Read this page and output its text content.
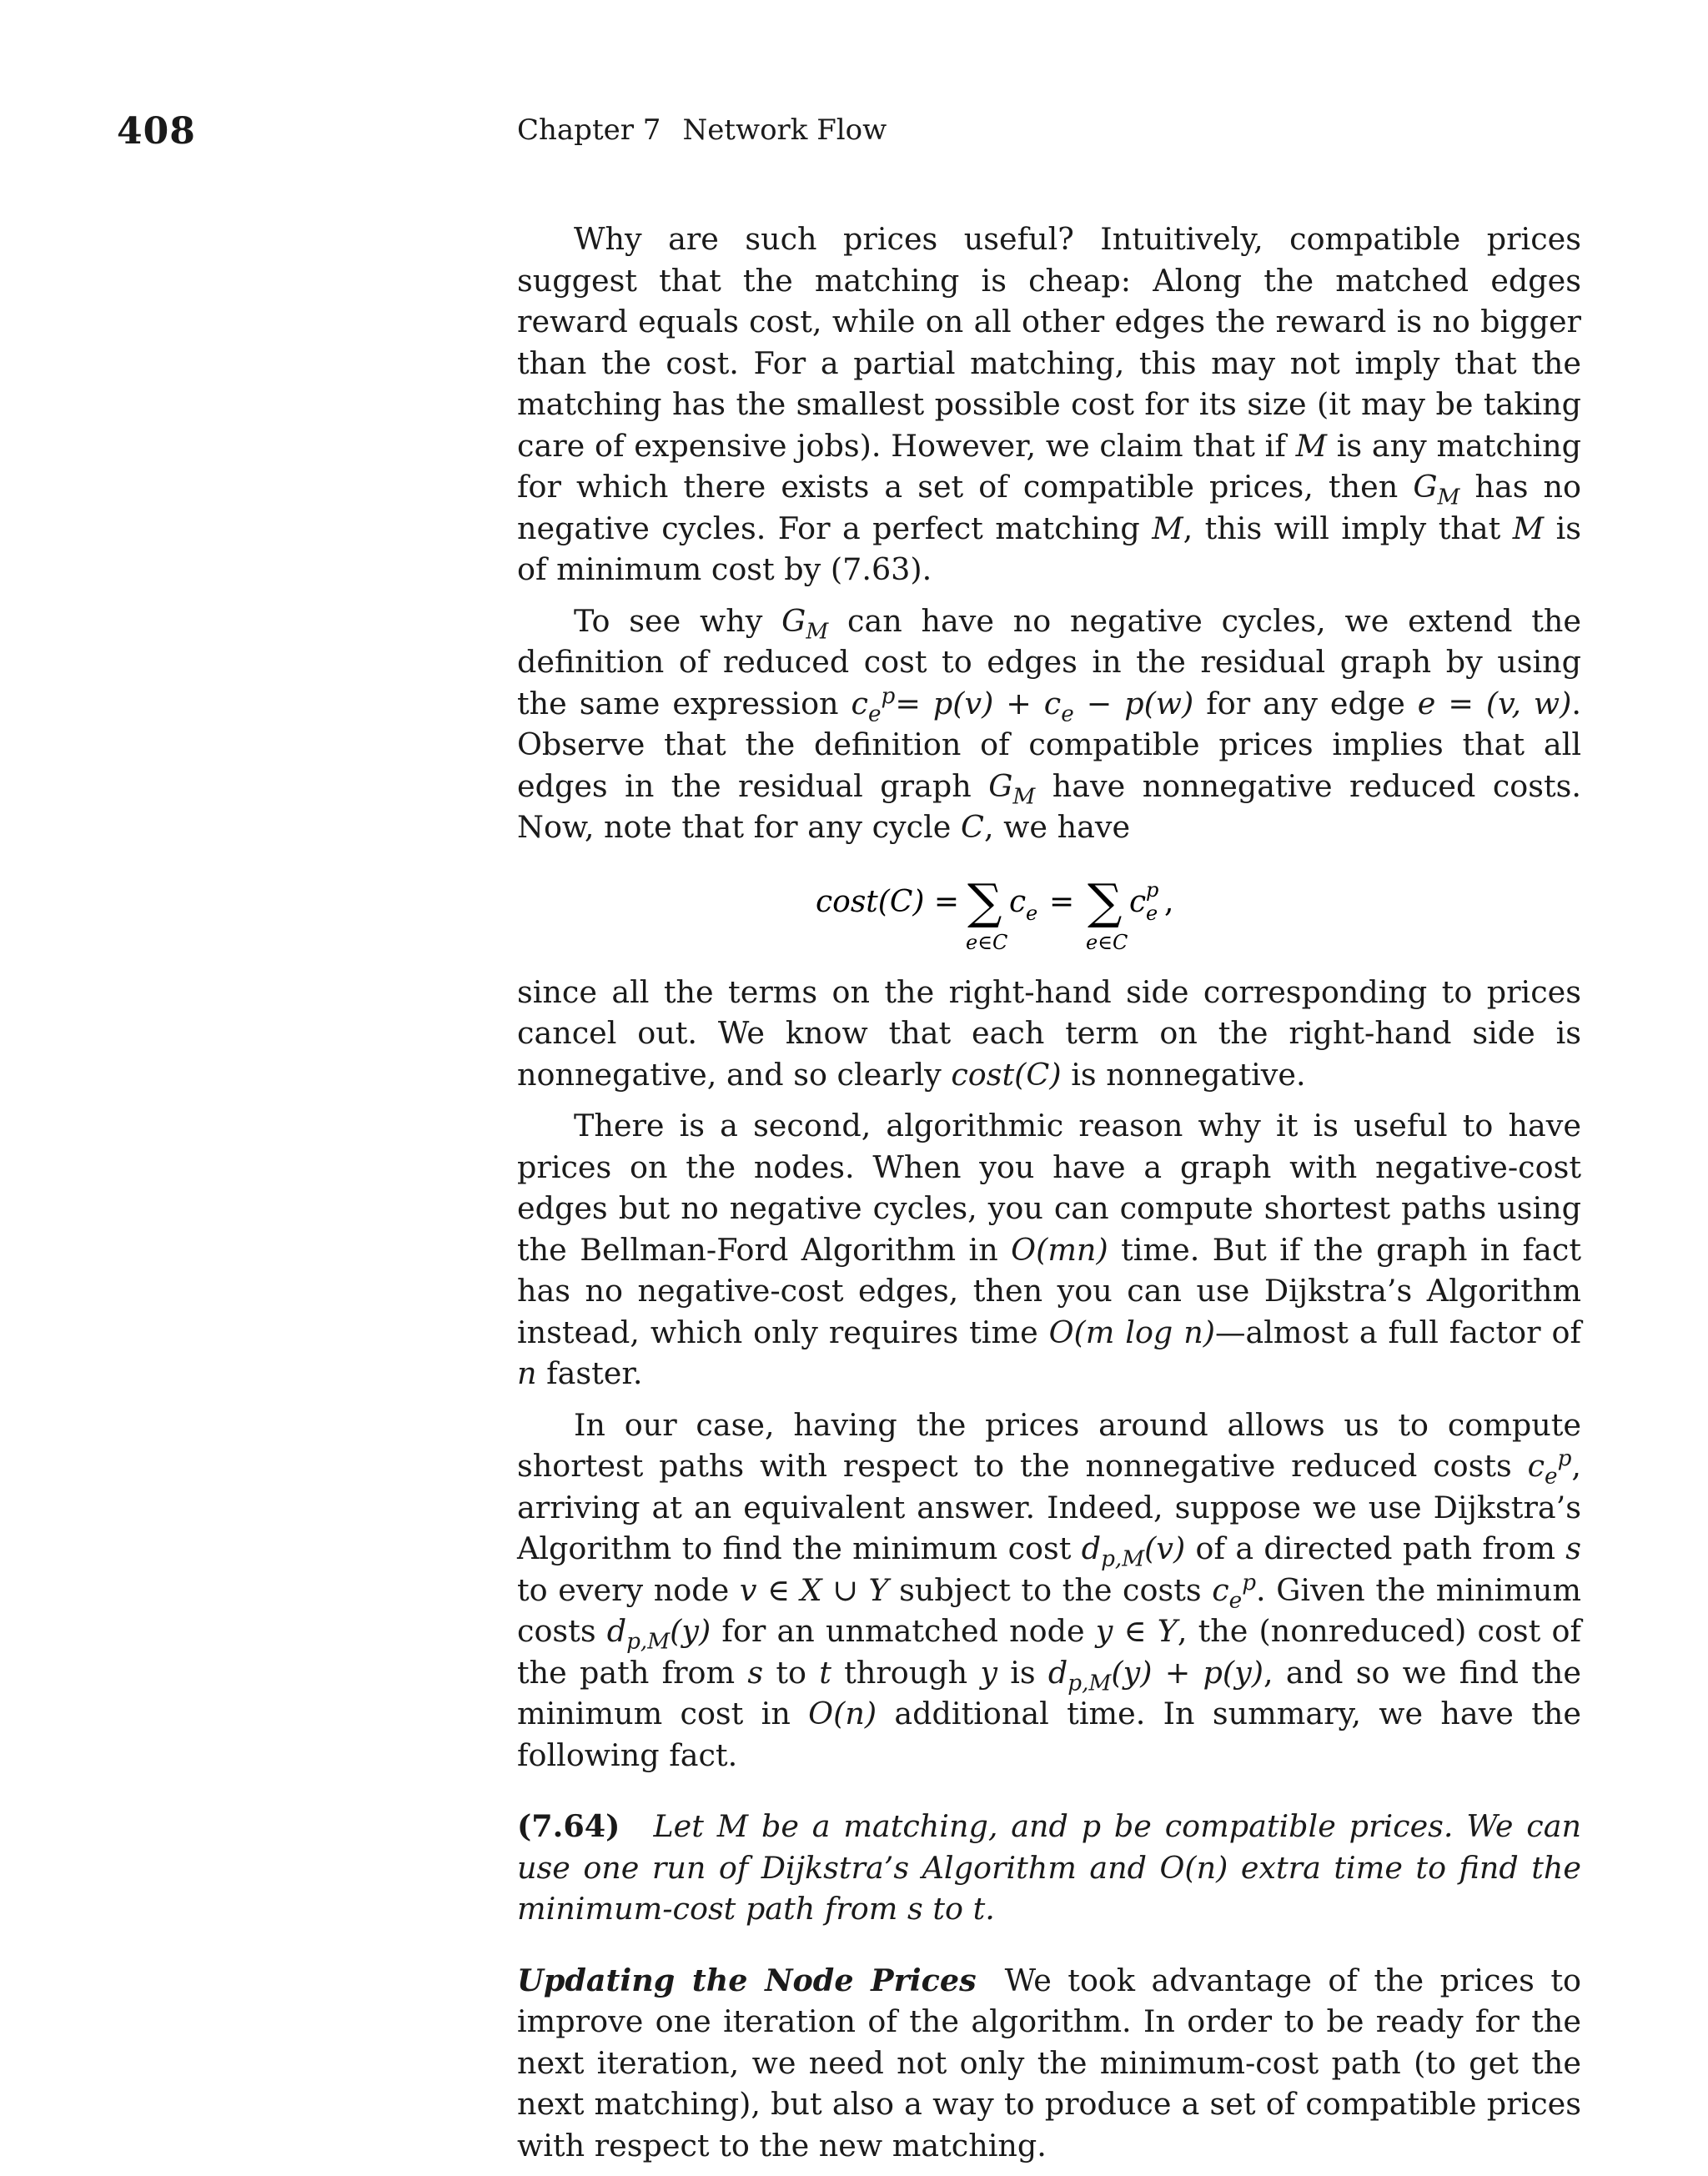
408	Chapter 7 Network Flow

Why are such prices useful? Intuitively, compatible prices suggest that the matching is cheap: Along the matched edges reward equals cost, while on all other edges the reward is no bigger than the cost. For a partial matching, this may not imply that the matching has the smallest possible cost for its size (it may be taking care of expensive jobs). However, we claim that if M is any matching for which there exists a set of compatible prices, then $G_M$ has no negative cycles. For a perfect matching M, this will imply that M is of minimum cost by (7.63).

To see why $G_M$ can have no negative cycles, we extend the definition of reduced cost to edges in the residual graph by using the same expression $c_e^p= p(v) + c_e - p(w)$ for any edge e = (v, w). Observe that the definition of compatible prices implies that all edges in the residual graph $G_M$ have nonnegative reduced costs. Now, note that for any cycle C, we have

cost(C) = ∑
e∈C
c e = ∑
e∈C
c p
e ,

since all the terms on the right-hand side corresponding to prices cancel out. We know that each term on the right-hand side is nonnegative, and so clearly cost(C) is nonnegative.

There is a second, algorithmic reason why it is useful to have prices on the nodes. When you have a graph with negative-cost edges but no negative cycles, you can compute shortest paths using the Bellman-Ford Algorithm in O(mn) time. But if the graph in fact has no negative-cost edges, then you can use Dijkstra’s Algorithm instead, which only requires time O(m log n)—almost a full factor of n faster.

In our case, having the prices around allows us to compute shortest paths with respect to the nonnegative reduced costs $c_e^p$, arriving at an equivalent answer. Indeed, suppose we use Dijkstra’s Algorithm to find the minimum cost $d_{p,M}(v)$ of a directed path from s to every node v ∈ X ∪ Y subject to the costs $c_e^p$. Given the minimum costs $d_{p,M}(y)$ for an unmatched node y ∈ Y, the (nonreduced) cost of the path from s to t through y is $d_{p,M}(y) + p(y)$, and so we find the minimum cost in O(n) additional time. In summary, we have the following fact.

(7.64) Let M be a matching, and p be compatible prices. We can use one run of Dijkstra’s Algorithm and O(n) extra time to find the minimum-cost path from s to t.

Updating the Node Prices We took advantage of the prices to improve one iteration of the algorithm. In order to be ready for the next iteration, we need not only the minimum-cost path (to get the next matching), but also a way to produce a set of compatible prices with respect to the new matching.
